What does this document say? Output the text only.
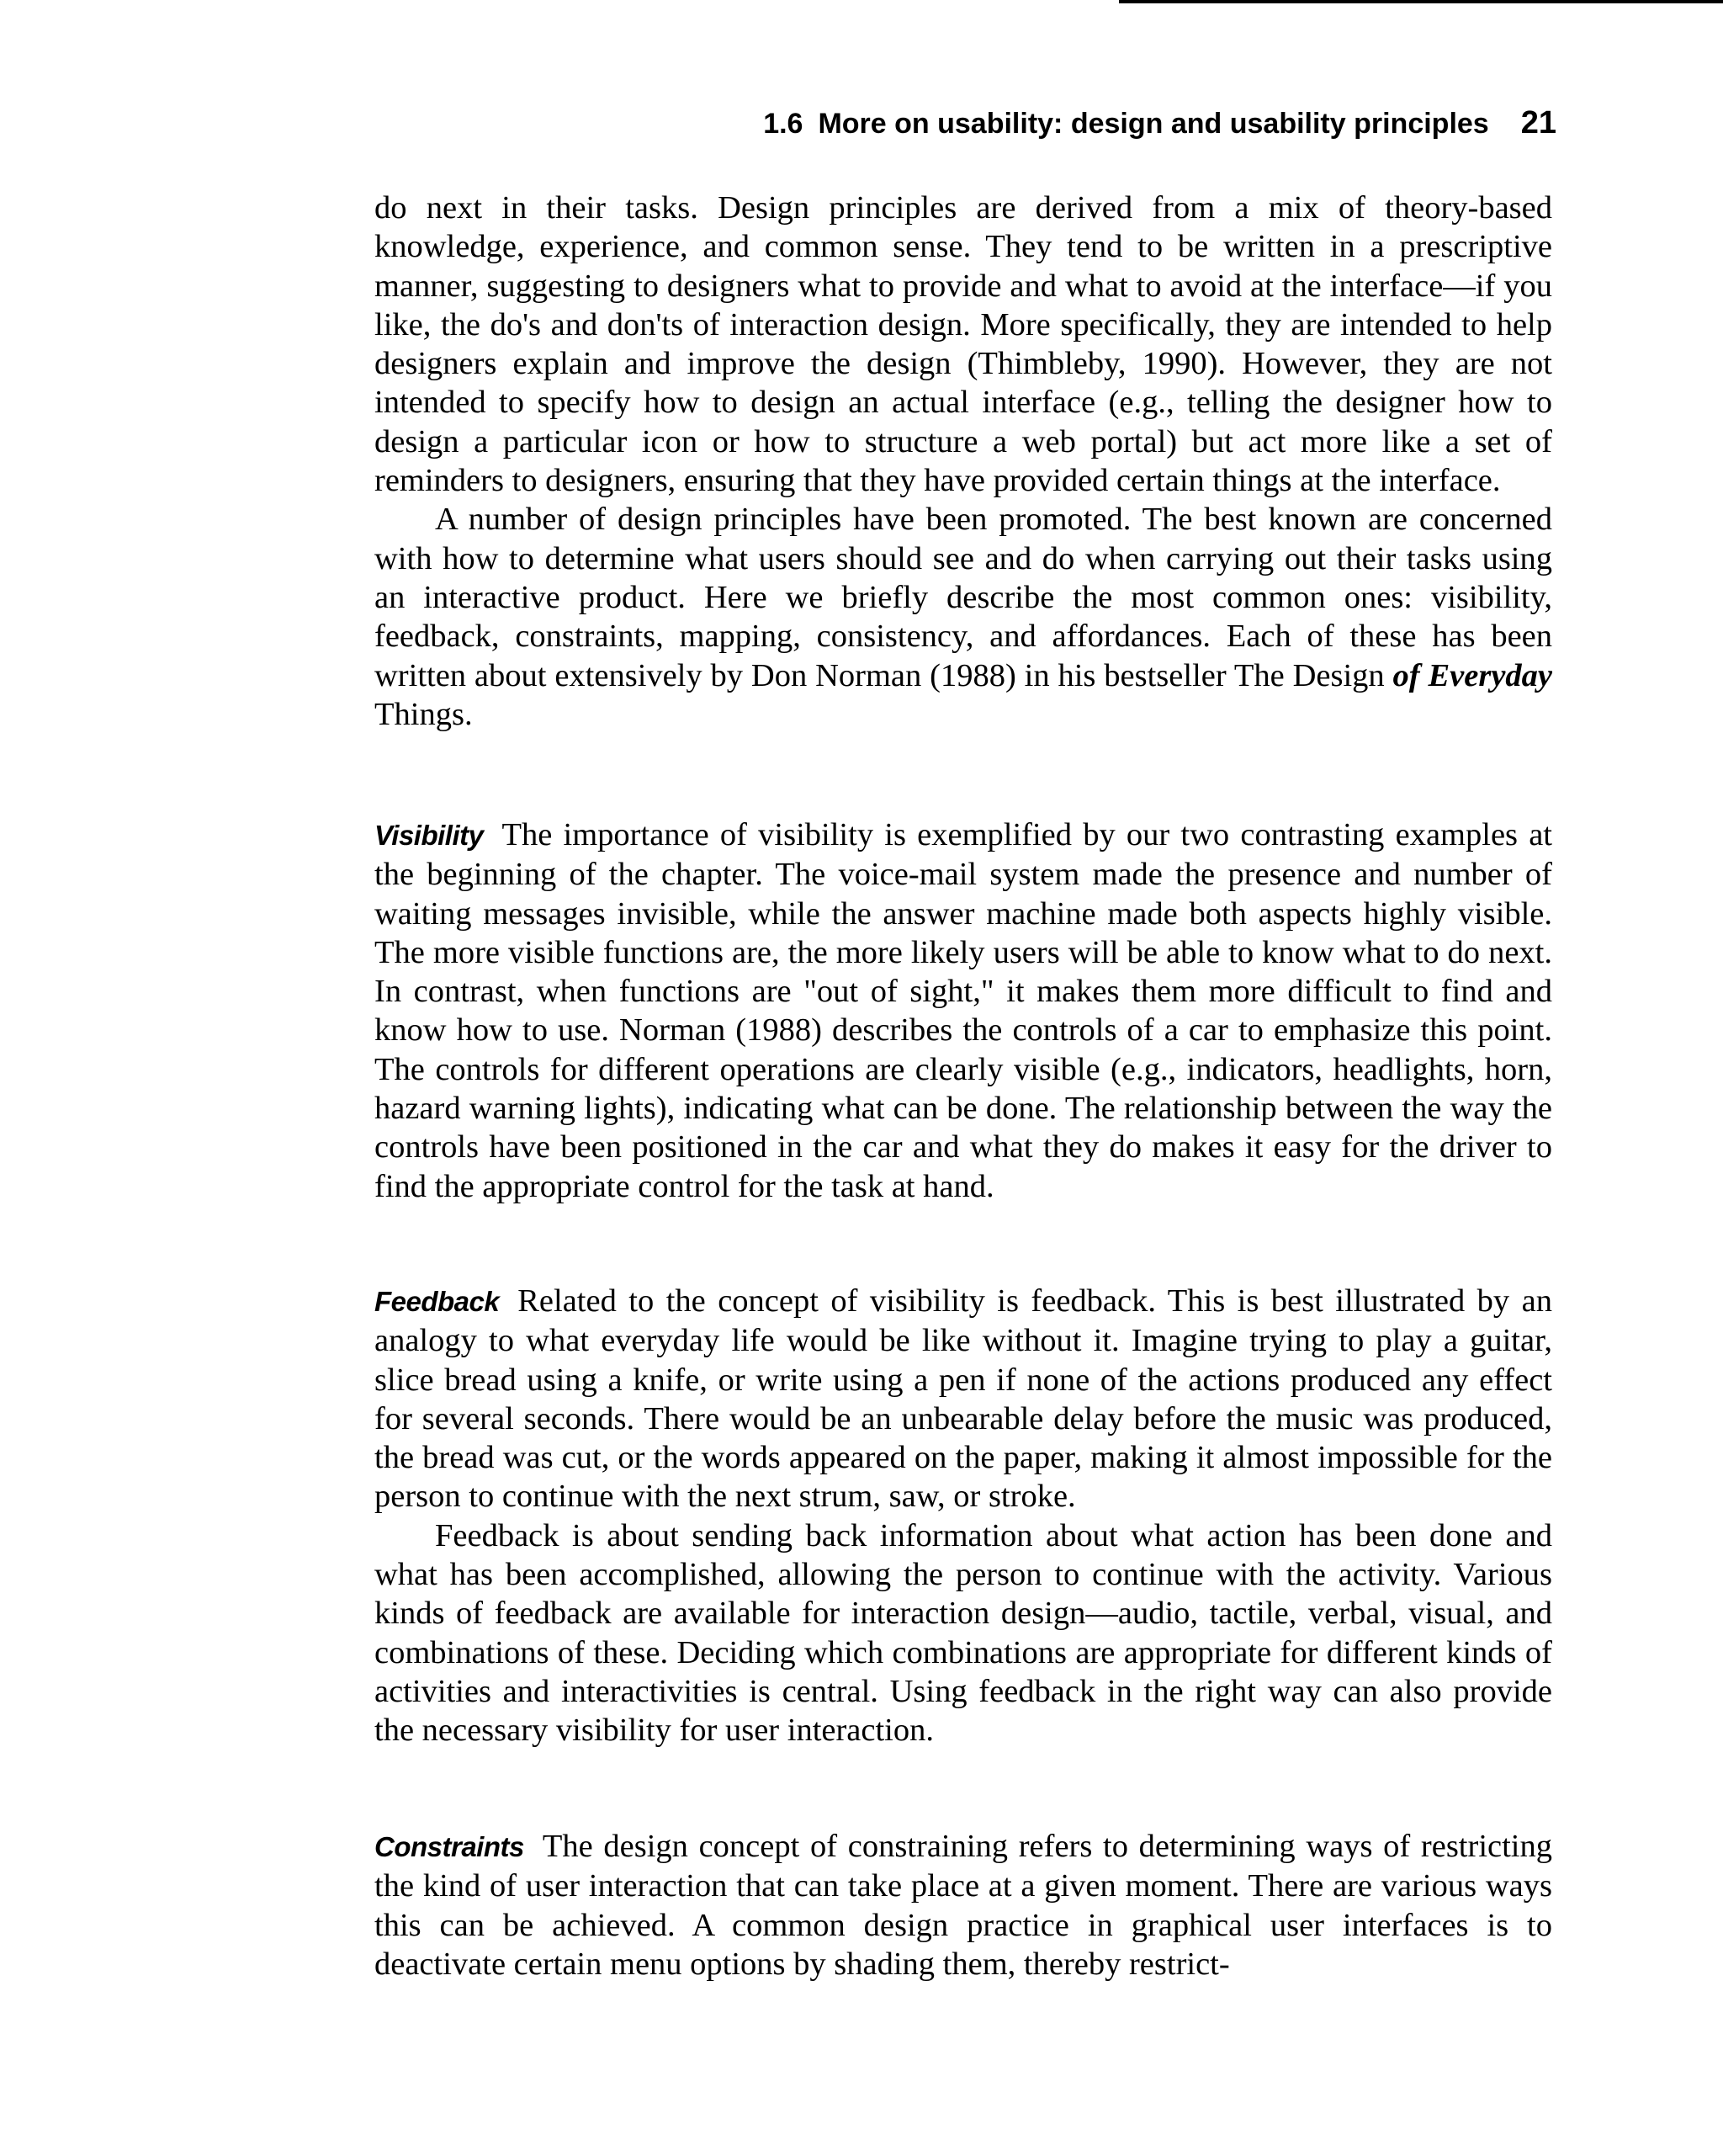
1.6 More on usability: design and usability principles 21

do next in their tasks. Design principles are derived from a mix of theory-based knowledge, experience, and common sense. They tend to be written in a prescriptive manner, suggesting to designers what to provide and what to avoid at the interface—if you like, the do's and don'ts of interaction design. More specifically, they are intended to help designers explain and improve the design (Thimbleby, 1990). However, they are not intended to specify how to design an actual interface (e.g., telling the designer how to design a particular icon or how to structure a web portal) but act more like a set of reminders to designers, ensuring that they have provided certain things at the interface.

A number of design principles have been promoted. The best known are concerned with how to determine what users should see and do when carrying out their tasks using an interactive product. Here we briefly describe the most common ones: visibility, feedback, constraints, mapping, consistency, and affordances. Each of these has been written about extensively by Don Norman (1988) in his bestseller The Design of Everyday Things.

Visibility The importance of visibility is exemplified by our two contrasting examples at the beginning of the chapter. The voice-mail system made the presence and number of waiting messages invisible, while the answer machine made both aspects highly visible. The more visible functions are, the more likely users will be able to know what to do next. In contrast, when functions are "out of sight," it makes them more difficult to find and know how to use. Norman (1988) describes the controls of a car to emphasize this point. The controls for different operations are clearly visible (e.g., indicators, headlights, horn, hazard warning lights), indicating what can be done. The relationship between the way the controls have been positioned in the car and what they do makes it easy for the driver to find the appropriate control for the task at hand.

Feedback Related to the concept of visibility is feedback. This is best illustrated by an analogy to what everyday life would be like without it. Imagine trying to play a guitar, slice bread using a knife, or write using a pen if none of the actions produced any effect for several seconds. There would be an unbearable delay before the music was produced, the bread was cut, or the words appeared on the paper, making it almost impossible for the person to continue with the next strum, saw, or stroke.

Feedback is about sending back information about what action has been done and what has been accomplished, allowing the person to continue with the activity. Various kinds of feedback are available for interaction design—audio, tactile, verbal, visual, and combinations of these. Deciding which combinations are appropriate for different kinds of activities and interactivities is central. Using feedback in the right way can also provide the necessary visibility for user interaction.

Constraints The design concept of constraining refers to determining ways of restricting the kind of user interaction that can take place at a given moment. There are various ways this can be achieved. A common design practice in graphical user interfaces is to deactivate certain menu options by shading them, thereby restrict-
